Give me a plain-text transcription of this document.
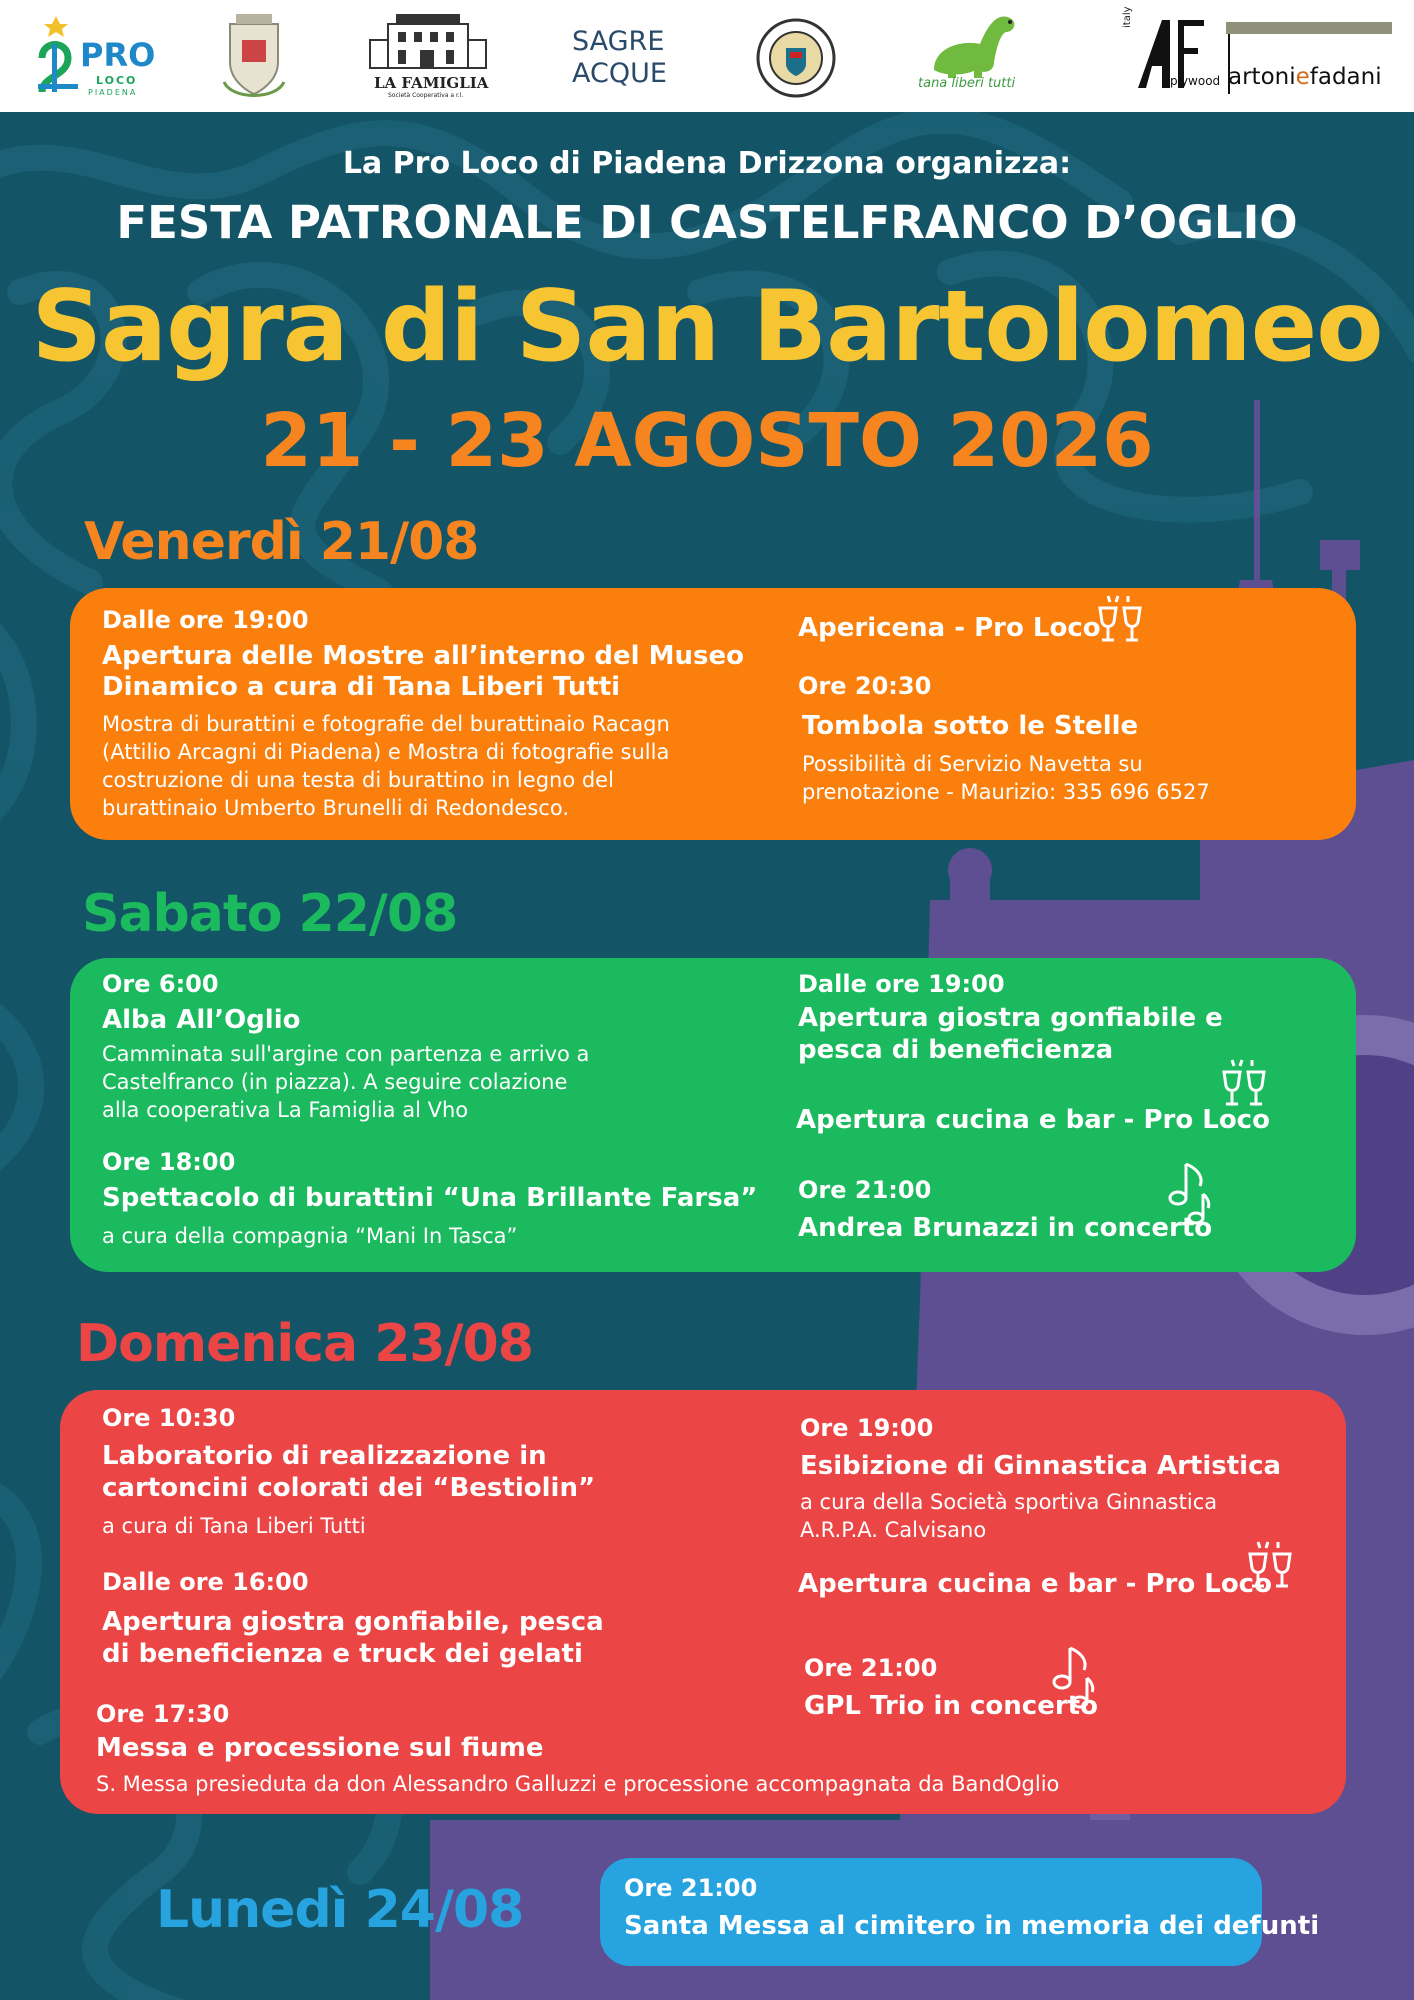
PRO
LOCO
PIADENA
LA FAMIGLIA
Società Cooperativa a r.l.
SAGRE
ACQUE	tana liberi tutti
italy
plywood artoniefadani
La Pro Loco di Piadena Drizzona organizza:
FESTA PATRONALE DI CASTELFRANCO D’OGLIO
Sagra di San Bartolomeo
21 - 23 AGOSTO 2026
Venerdì 21/08
Dalle ore 19:00
Apertura delle Mostre all’interno del Museo
Dinamico a cura di Tana Liberi Tutti
Mostra di burattini e fotografie del burattinaio Racagn
(Attilio Arcagni di Piadena) e Mostra di fotografie sulla
costruzione di una testa di burattino in legno del
burattinaio Umberto Brunelli di Redondesco.
Apericena - Pro Loco
Ore 20:30
Tombola sotto le Stelle
Possibilità di Servizio Navetta su
prenotazione - Maurizio: 335 696 6527
Sabato 22/08
Ore 6:00
Alba All’Oglio
Camminata sull'argine con partenza e arrivo a
Castelfranco (in piazza). A seguire colazione
alla cooperativa La Famiglia al Vho
Ore 18:00
Spettacolo di burattini “Una Brillante Farsa”
a cura della compagnia “Mani In Tasca”
Dalle ore 19:00
Apertura giostra gonfiabile e
pesca di beneficienza
Apertura cucina e bar - Pro Loco
Ore 21:00
Andrea Brunazzi in concerto
Domenica 23/08
Ore 10:30
Laboratorio di realizzazione in
cartoncini colorati dei “Bestiolin”
a cura di Tana Liberi Tutti
Dalle ore 16:00
Apertura giostra gonfiabile, pesca
di beneficienza e truck dei gelati
Ore 17:30
Messa e processione sul fiume
S. Messa presieduta da don Alessandro Galluzzi e processione accompagnata da BandOglio
Ore 19:00
Esibizione di Ginnastica Artistica
a cura della Società sportiva Ginnastica
A.R.P.A. Calvisano
Apertura cucina e bar - Pro Loco
Ore 21:00
GPL Trio in concerto
Lunedì 24/08	Ore 21:00
Santa Messa al cimitero in memoria dei defunti
